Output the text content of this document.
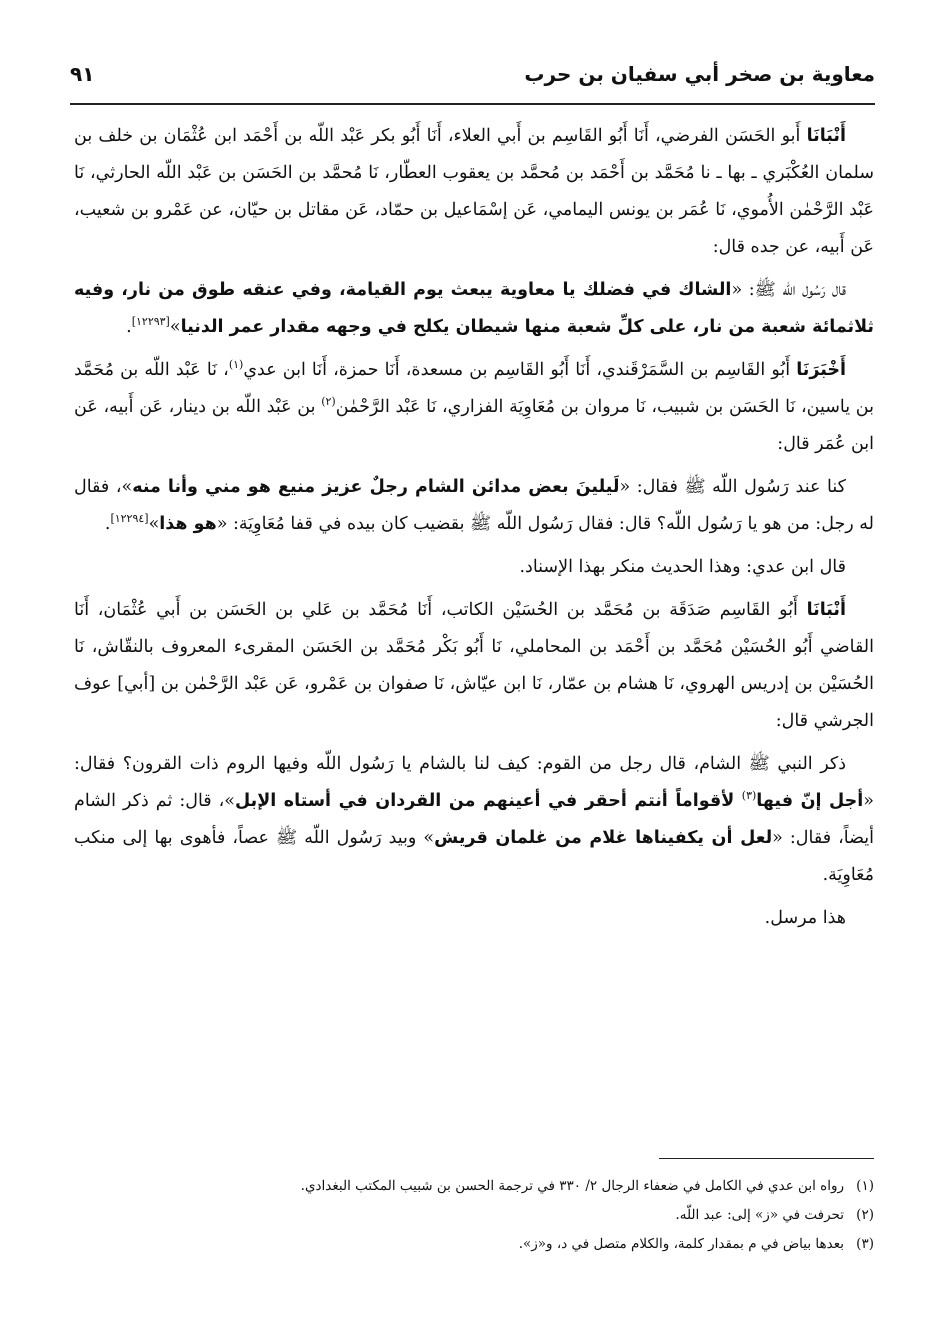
معاوية بن صخر أبي سفيان بن حرب
٩١

أَنْبَانَا أَبو الحَسَن الفرضي، أَنَا أَبُو القَاسِم بن أَبي العلاء، أَنَا أَبُو بكر عَبْد اللّه بن أَحْمَد ابن عُثْمَان بن خلف بن سلمان العُكْبَري ـ بها ـ نا مُحَمَّد بن أَحْمَد بن مُحمَّد بن يعقوب العطّار، نَا مُحمَّد بن الحَسَن بن عَبْد اللّه الحارثي، نَا عَبْد الرَّحْمٰن الأُموي، نَا عُمَر بن يونس اليمامي، عَن إسْمَاعيل بن حمّاد، عَن مقاتل بن حيّان، عن عَمْرو بن شعيب، عَن أَبيه، عن جده قال:

قال رَسُول اللّه ﷺ: «الشاك في فضلك يا معاوية يبعث يوم القيامة، وفي عنقه طوق من نار، وفيه ثلاثمائة شعبة من نار، على كلِّ شعبة منها شيطان يكلح في وجهه مقدار عمر الدنيا»[١٢٢٩٣].

أَخْبَرَنَا أَبُو القَاسِم بن السَّمَرْقَندي، أَنَا أَبُو القَاسِم بن مسعدة، أَنَا حمزة، أَنَا ابن عدي$^{(١)}$، نَا عَبْد اللّه بن مُحَمَّد بن ياسين، نَا الحَسَن بن شبيب، نَا مروان بن مُعَاوِيَة الفزاري، نَا عَبْد الرَّحْمٰن$^{(٢)}$ بن عَبْد اللّه بن دينار، عَن أَبيه، عَن ابن عُمَر قال:

كنا عند رَسُول اللّه ﷺ فقال: «لَيلينَ بعض مدائن الشام رجلٌ عزيز منيع هو مني وأنا منه»، فقال له رجل: من هو يا رَسُول اللّه؟ قال: فقال رَسُول اللّه ﷺ بقضيب كان بيده في قفا مُعَاوِيَة: «هو هذا»[١٢٢٩٤].

قال ابن عدي: وهذا الحديث منكر بهذا الإسناد.

أَنْبَانَا أَبُو القَاسِم صَدَقَة بن مُحَمَّد بن الحُسَيْن الكاتب، أَنَا مُحَمَّد بن عَلي بن الحَسَن بن أَبي عُثْمَان، أَنَا القاضي أَبُو الحُسَيْن مُحَمَّد بن أَحْمَد بن المحاملي، نَا أَبُو بَكْر مُحَمَّد بن الحَسَن المقرىء المعروف بالنقّاش، نَا الحُسَيْن بن إدريس الهروي، نَا هشام بن عمّار، نَا ابن عيّاش، نَا صفوان بن عَمْرو، عَن عَبْد الرَّحْمٰن بن [أبي] عوف الجرشي قال:

ذكر النبي ﷺ الشام، قال رجل من القوم: كيف لنا بالشام يا رَسُول اللّه وفيها الروم ذات القرون؟ فقال: «أجل إنّ فيها$^{(٣)}$ لأقواماً أنتم أحقر في أعينهم من القردان في أستاه الإبل»، قال: ثم ذكر الشام أيضاً، فقال: «لعل أن يكفيناها غلام من غلمان قريش» وبيد رَسُول اللّه ﷺ عصاً، فأهوى بها إلى منكب مُعَاوِيَة.

هذا مرسل.

(١)
رواه ابن عدي في الكامل في ضعفاء الرجال ٢/ ٣٣٠ في ترجمة الحسن بن شبيب المكتب البغدادي.
(٢)
تحرفت في «ز» إلى: عبد اللّه.
(٣)
بعدها بياض في م بمقدار كلمة، والكلام متصل في د، و«ز».
